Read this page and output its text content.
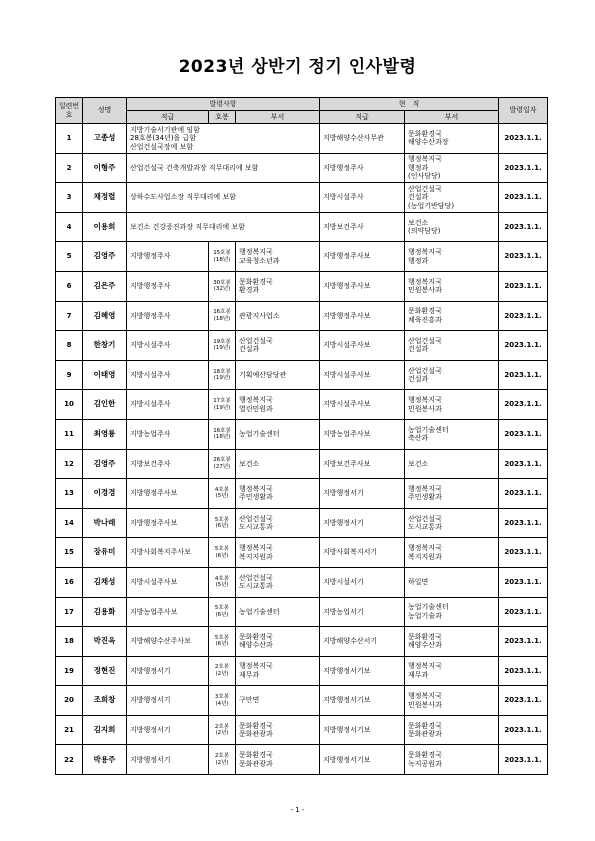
2023년 상반기 정기 인사발령
일련번호	성명	발령사항			현　직		발령일자
		직급	호봉	부서	직급	부서	
1	고종성	지방기술서기관에 임함
28호봉(34년)을 급함
산업건설국장에 보함			지방해양수산사무관	문화환경국
해양수산과장	2023.1.1.
2	이형주	산업건설국 건축개발과장 직무대리에 보함			지방행정주사	행정복지국
행정과
(인사담당)	2023.1.1.
3	채정렬	상하수도사업소장 직무대리에 보함			지방시설주사	산업건설국
건설과
(농업기반담당)	2023.1.1.
4	이용희	보건소 건강증진과장 직무대리에 보함			지방보건주사	보건소
(의약담당)	2023.1.1.
5	김영주	지방행정주사	15호봉
(18년)	행정복지국
교육청소년과	지방행정주사보	행정복지국
행정과	2023.1.1.
6	김은주	지방행정주사	30호봉
(32년)	문화환경국
환경과	지방행정주사보	행정복지국
민원봉사과	2023.1.1.
7	김혜영	지방행정주사	16호봉
(18년)	관광지사업소	지방행정주사보	문화환경국
체육진흥과	2023.1.1.
8	한창기	지방시설주사	19호봉
(19년)	산업건설국
건설과	지방시설주사보	산업건설국
건설과	2023.1.1.
9	이태영	지방시설주사	18호봉
(19년)	기획예산담당관	지방시설주사보	산업건설국
건설과	2023.1.1.
10	김인한	지방시설주사	17호봉
(19년)	행정복지국
열린민원과	지방시설주사보	행정복지국
민원봉사과	2023.1.1.
11	최영룡	지방농업주사	16호봉
(18년)	농업기술센터	지방농업주사보	농업기술센터
축산과	2023.1.1.
12	김영주	지방보건주사	26호봉
(27년)	보건소	지방보건주사보	보건소	2023.1.1.
13	이경경	지방행정주사보	4호봉
(5년)	행정복지국
주민생활과	지방행정서기	행정복지국
주민생활과	2023.1.1.
14	박나래	지방행정주사보	5호봉
(6년)	산업건설국
도시교통과	지방행정서기	산업건설국
도시교통과	2023.1.1.
15	장유미	지방사회복지주사보	5호봉
(6년)	행정복지국
복지지원과	지방사회복지서기	행정복지국
복지지원과	2023.1.1.
16	김채성	지방시설주사보	4호봉
(5년)	산업건설국
도시교통과	지방시설서기	하일면	2023.1.1.
17	김용화	지방농업주사보	5호봉
(6년)	농업기술센터	지방농업서기	농업기술센터
농업기술과	2023.1.1.
18	박진옥	지방해양수산주사보	5호봉
(6년)	문화환경국
해양수산과	지방해양수산서기	문화환경국
해양수산과	2023.1.1.
19	정현진	지방행정서기	2호봉
(2년)	행정복지국
재무과	지방행정서기보	행정복지국
재무과	2023.1.1.
20	조희창	지방행정서기	3호봉
(4년)	구만면	지방행정서기보	행정복지국
민원봉사과	2023.1.1.
21	김지희	지방행정서기	2호봉
(2년)	문화환경국
문화관광과	지방행정서기보	문화환경국
문화관광과	2023.1.1.
22	박용주	지방행정서기	2호봉
(2년)	문화환경국
문화관광과	지방행정서기보	문화환경국
녹지공원과	2023.1.1.
- 1 -
